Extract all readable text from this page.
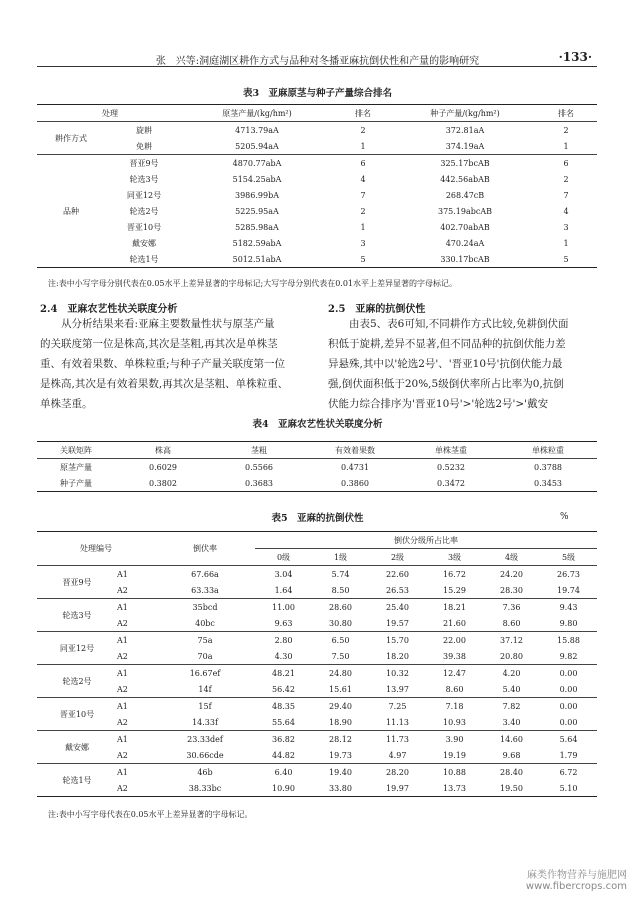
张　兴等:洞庭湖区耕作方式与品种对冬播亚麻抗倒伏性和产量的影响研究	·133·
表3　亚麻原茎与种子产量综合排名
处理		原茎产量/(kg/hm²)	排名	种子产量/(kg/hm²)	排名
耕作方式	旋耕	4713.79aA	2	372.81aA	2
	免耕	5205.94aA	1	374.19aA	1
品种	晋亚9号	4870.77abA	6	325.17bcAB	6
	轮选3号	5154.25abA	4	442.56abAB	2
	同亚12号	3986.99bA	7	268.47cB	7
	轮选2号	5225.95aA	2	375.19abcAB	4
	晋亚10号	5285.98aA	1	402.70abAB	3
	戴安娜	5182.59abA	3	470.24aA	1
	轮选1号	5012.51abA	5	330.17bcAB	5
注:表中小写字母分别代表在0.05水平上差异显著的字母标记;大写字母分别代表在0.01水平上差异显著的字母标记。
2.4　亚麻农艺性状关联度分析
　　从分析结果来看:亚麻主要数量性状与原茎产量
的关联度第一位是株高,其次是茎粗,再其次是单株茎
重、有效着果数、单株粒重;与种子产量关联度第一位
是株高,其次是有效着果数,再其次是茎粗、单株粒重、
单株茎重。
2.5　亚麻的抗倒伏性
　　由表5、表6可知,不同耕作方式比较,免耕倒伏面
积低于旋耕,差异不显著,但不同品种的抗倒伏能力差
异悬殊,其中以'轮选2号'、'晋亚10号'抗倒伏能力最
强,倒伏面积低于20%,5级倒伏率所占比率为0,抗倒
伏能力综合排序为'晋亚10号'>'轮选2号'>'戴安
表4　亚麻农艺性状关联度分析
关联矩阵	株高	茎粗	有效着果数	单株茎重	单株粒重
原茎产量	0.6029	0.5566	0.4731	0.5232	0.3788
种子产量	0.3802	0.3683	0.3860	0.3472	0.3453
表5　亚麻的抗倒伏性	%
处理编号		倒伏率	倒伏分级所占比率					
			0级	1级	2级	3级	4级	5级
晋亚9号	A1	67.66a	3.04	5.74	22.60	16.72	24.20	26.73
	A2	63.33a	1.64	8.50	26.53	15.29	28.30	19.74
轮选3号	A1	35bcd	11.00	28.60	25.40	18.21	7.36	9.43
	A2	40bc	9.63	30.80	19.57	21.60	8.60	9.80
同亚12号	A1	75a	2.80	6.50	15.70	22.00	37.12	15.88
	A2	70a	4.30	7.50	18.20	39.38	20.80	9.82
轮选2号	A1	16.67ef	48.21	24.80	10.32	12.47	4.20	0.00
	A2	14f	56.42	15.61	13.97	8.60	5.40	0.00
晋亚10号	A1	15f	48.35	29.40	7.25	7.18	7.82	0.00
	A2	14.33f	55.64	18.90	11.13	10.93	3.40	0.00
戴安娜	A1	23.33def	36.82	28.12	11.73	3.90	14.60	5.64
	A2	30.66cde	44.82	19.73	4.97	19.19	9.68	1.79
轮选1号	A1	46b	6.40	19.40	28.20	10.88	28.40	6.72
	A2	38.33bc	10.90	33.80	19.97	13.73	19.50	5.10
注:表中小写字母代表在0.05水平上差异显著的字母标记。
麻类作物营养与施肥网
www.fibercrops.com
